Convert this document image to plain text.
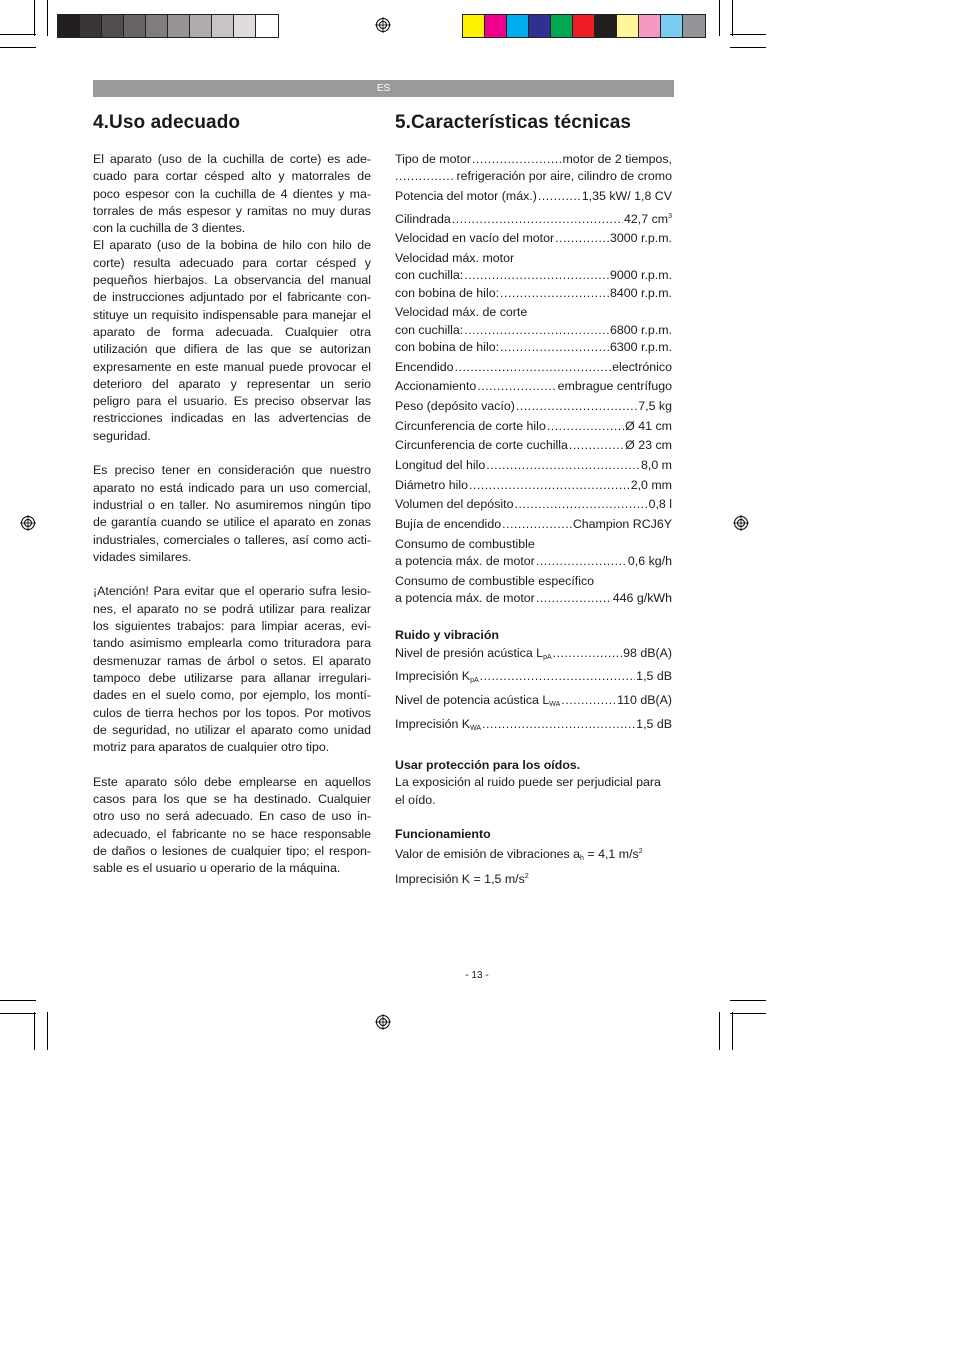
ES
4.Uso adecuado	5.Características técnicas

El aparato (uso de la cuchilla de corte) es ade-cuado para cortar césped alto y matorrales de poco espesor con la cuchilla de 4 dientes y ma-torrales de más espesor y ramitas no muy duras con la cuchilla de 3 dientes.
El aparato (uso de la bobina de hilo con hilo de corte) resulta adecuado para cortar césped y pequeños hierbajos. La observancia del manual de instrucciones adjuntado por el fabricante con-stituye un requisito indispensable para manejar el aparato de forma adecuada. Cualquier otra utilización que difiera de las que se autorizan expresamente en este manual puede provocar el deterioro del aparato y representar un serio peligro para el usuario. Es preciso observar las restricciones indicadas en las advertencias de seguridad.

Es preciso tener en consideración que nuestro aparato no está indicado para un uso comercial, industrial o en taller. No asumiremos ningún tipo de garantía cuando se utilice el aparato en zonas industriales, comerciales o talleres, así como acti-vidades similares.

¡Atención! Para evitar que el operario sufra lesio-nes, el aparato no se podrá utilizar para realizar los siguientes trabajos: para limpiar aceras, evi-tando asimismo emplearla como trituradora para desmenuzar ramas de árbol o setos. El aparato tampoco debe utilizarse para allanar irregulari-dades en el suelo como, por ejemplo, los montí-culos de tierra hechos por los topos. Por motivos de seguridad, no utilizar el aparato como unidad motriz para aparatos de cualquier otro tipo.

Este aparato sólo debe emplearse en aquellos casos para los que se ha destinado. Cualquier otro uso no será adecuado. En caso de uso in-adecuado, el fabricante no se hace responsable de daños o lesiones de cualquier tipo; el respon-sable es el usuario u operario de la máquina.

Tipo de motor .....	motor de 2 tiempos,
.....
refrigeración por aire, cilindro de cromo
Potencia del motor (máx.) .....	1,35 kW/ 1,8 CV
Cilindrada .....	42,7 $cm^3$
Velocidad en vacío del motor .....	3000 r.p.m.
Velocidad máx. motor
con cuchilla: .....	9000 r.p.m.
con bobina de hilo: .....	8400 r.p.m.
Velocidad máx. de corte
con cuchilla: .....	6800 r.p.m.
con bobina de hilo: .....	6300 r.p.m.
Encendido .....	electrónico
Accionamiento .....	embrague centrífugo
Peso (depósito vacío) .....	7,5 kg
Circunferencia de corte hilo .....	Ø 41 cm
Circunferencia de corte cuchilla .....	Ø 23 cm
Longitud del hilo .....	8,0 m
Diámetro hilo .....	2,0 mm
Volumen del depósito .....	0,8 l
Bujía de encendido .....	Champion RCJ6Y
Consumo de combustible
a potencia máx. de motor .....	0,6 kg/h
Consumo de combustible específico
a potencia máx. de motor .....	446 g/kWh
Ruido y vibración
Nivel de presión acústica $L_{pA}$ .....	98 dB(A)
Imprecisión $K_{pA}$ .....	1,5 dB
Nivel de potencia acústica $L_{WA}$ .....	110 dB(A)
Imprecisión $K_{WA}$ .....	1,5 dB
Usar protección para los oídos.
La exposición al ruido puede ser perjudicial para el oído.
Funcionamiento
Valor de emisión de vibraciones $a_h = 4,1$ $m/s^2$
Imprecisión K = 1,5 $m/s^2$
- 13 -
